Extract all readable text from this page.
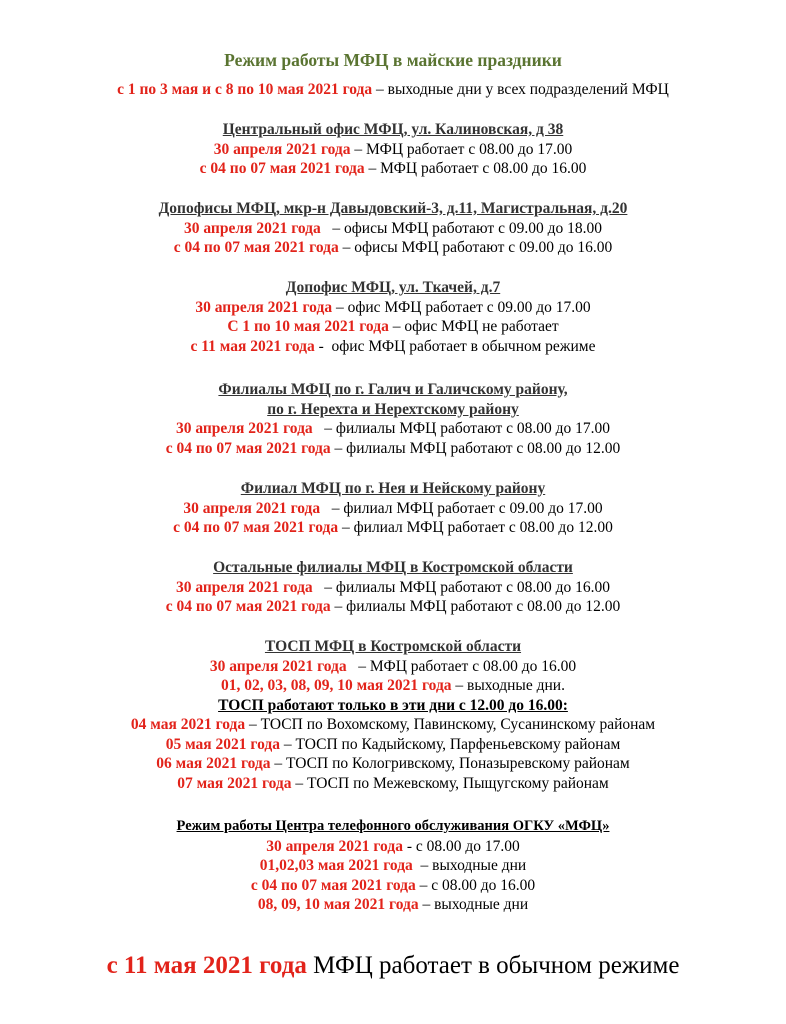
Режим работы МФЦ в майские праздники
с 1 по 3 мая и с 8 по 10 мая 2021 года – выходные дни у всех подразделений МФЦ
Центральный офис МФЦ, ул. Калиновская, д 38
30 апреля 2021 года – МФЦ работает с 08.00 до 17.00
с 04 по 07 мая 2021 года – МФЦ работает с 08.00 до 16.00
Допофисы МФЦ, мкр-н Давыдовский-3, д.11, Магистральная, д.20
30 апреля 2021 года   – офисы МФЦ работают с 09.00 до 18.00
с 04 по 07 мая 2021 года – офисы МФЦ работают с 09.00 до 16.00
Допофис МФЦ, ул. Ткачей, д.7
30 апреля 2021 года – офис МФЦ работает с 09.00 до 17.00
С 1 по 10 мая 2021 года – офис МФЦ не работает
с 11 мая 2021 года -  офис МФЦ работает в обычном режиме
Филиалы МФЦ по г. Галич и Галичскому району,
по г. Нерехта и Нерехтскому району
30 апреля 2021 года   – филиалы МФЦ работают с 08.00 до 17.00
с 04 по 07 мая 2021 года – филиалы МФЦ работают с 08.00 до 12.00
Филиал МФЦ по г. Нея и Нейскому району
30 апреля 2021 года   – филиал МФЦ работает с 09.00 до 17.00
с 04 по 07 мая 2021 года – филиал МФЦ работает с 08.00 до 12.00
Остальные филиалы МФЦ в Костромской области
30 апреля 2021 года   – филиалы МФЦ работают с 08.00 до 16.00
с 04 по 07 мая 2021 года – филиалы МФЦ работают с 08.00 до 12.00
ТОСП МФЦ в Костромской области
30 апреля 2021 года   – МФЦ работает с 08.00 до 16.00
01, 02, 03, 08, 09, 10 мая 2021 года – выходные дни.
ТОСП работают только в эти дни с 12.00 до 16.00:
04 мая 2021 года – ТОСП по Вохомскому, Павинскому, Сусанинскому районам
05 мая 2021 года – ТОСП по Кадыйскому, Парфеньевскому районам
06 мая 2021 года – ТОСП по Кологривскому, Поназыревскому районам
07 мая 2021 года – ТОСП по Межевскому, Пыщугскому районам
Режим работы Центра телефонного обслуживания ОГКУ «МФЦ»
30 апреля 2021 года - с 08.00 до 17.00
01,02,03 мая 2021 года  – выходные дни
с 04 по 07 мая 2021 года – с 08.00 до 16.00
08, 09, 10 мая 2021 года – выходные дни
с 11 мая 2021 года МФЦ работает в обычном режиме
